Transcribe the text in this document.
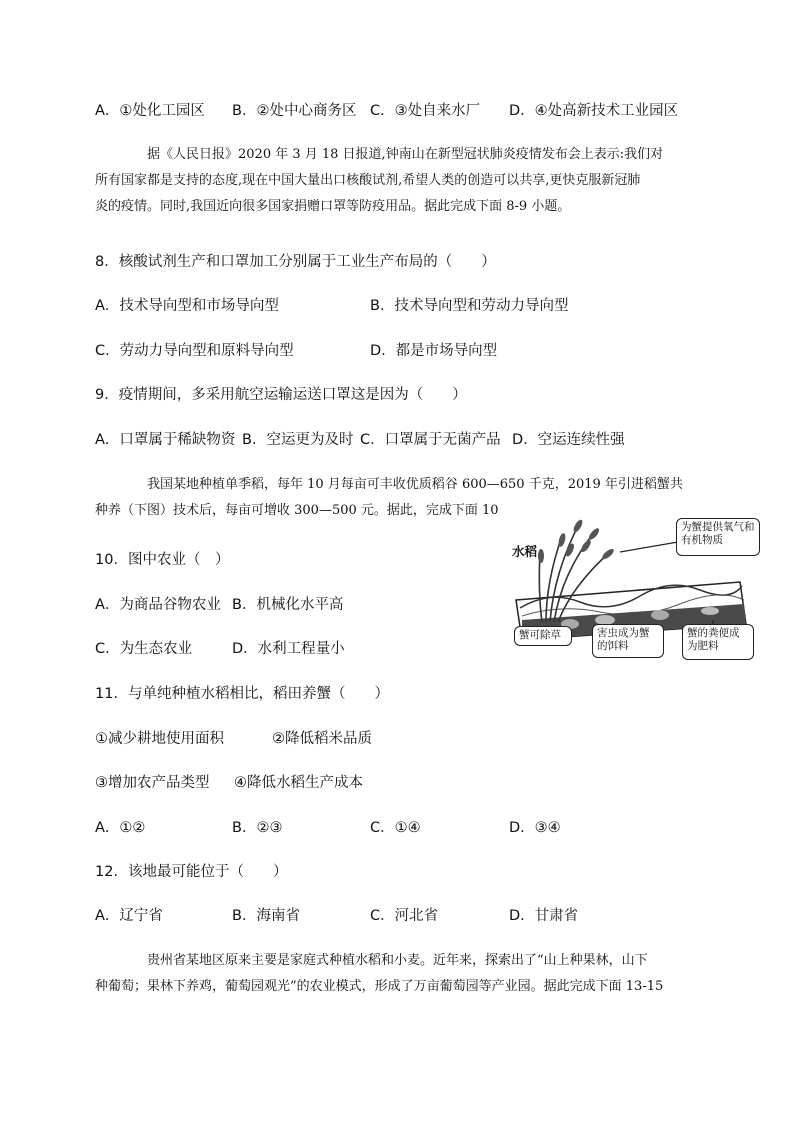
A．①处化工园区 B．②处中心商务区 C．③处自来水厂 D．④处高新技术工业园区
据《人民日报》2020 年 3 月 18 日报道,钟南山在新型冠状肺炎疫情发布会上表示:我们对
所有国家都是支持的态度,现在中国大量出口核酸试剂,希望人类的创造可以共享,更快克服新冠肺
炎的疫情。同时,我国近向很多国家捐赠口罩等防疫用品。据此完成下面 8-9 小题。
8．核酸试剂生产和口罩加工分别属于工业生产布局的（　　）
A．技术导向型和市场导向型	B．技术导向型和劳动力导向型
C．劳动力导向型和原料导向型	D．都是市场导向型
9．疫情期间，多采用航空运输运送口罩这是因为（　　）
A．口罩属于稀缺物资 B．空运更为及时 C．口罩属于无菌产品 D．空运连续性强
我国某地种植单季稻，每年 10 月每亩可丰收优质稻谷 600—650 千克，2019 年引进稻蟹共
种养（下图）技术后，每亩可增收 300—500 元。据此，完成下面 10
水稻
为蟹提供氧气和有机物质
蟹可除草	害虫成为蟹的饵料
蟹的粪便成为肥料
10．图中农业（　）
A．为商品谷物农业 B．机械化水平高
C．为生态农业	D．水利工程量小
11．与单纯种植水稻相比，稻田养蟹（　　）
①减少耕地使用面积	②降低稻米品质
③增加农产品类型 ④降低水稻生产成本
A．①②	B．②③	C．①④	D．③④
12．该地最可能位于（　　）
A．辽宁省	B．海南省	C．河北省	D．甘肃省
贵州省某地区原来主要是家庭式种植水稻和小麦。近年来，探索出了“山上种果林，山下
种葡萄；果林下养鸡，葡萄园观光”的农业模式，形成了万亩葡萄园等产业园。据此完成下面 13-15
